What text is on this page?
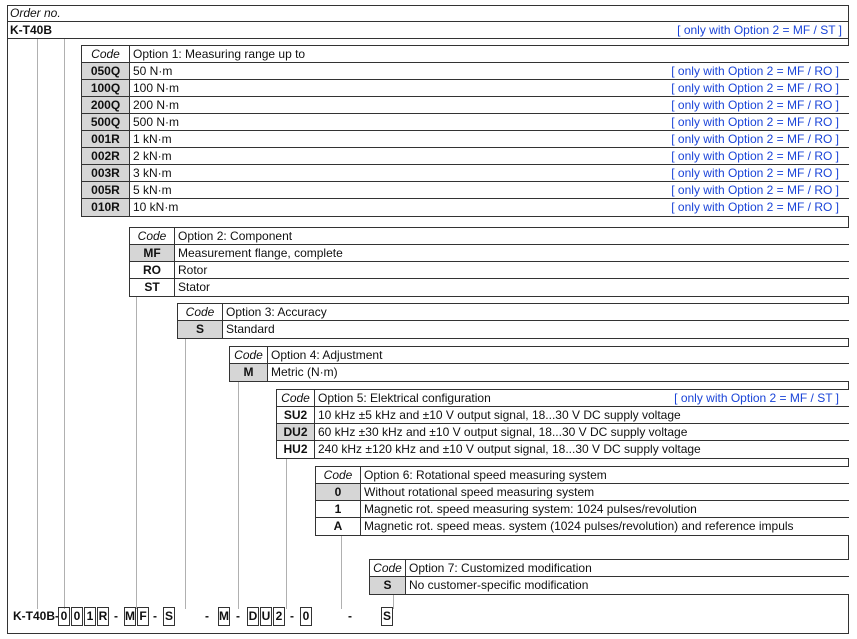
Order no.
K-T40B	[ only with Option 2 = MF / ST ]
Code	Option 1: Measuring range up to
050Q	50 N·m	[ only with Option 2 = MF / RO ]
100Q	100 N·m	[ only with Option 2 = MF / RO ]
200Q	200 N·m	[ only with Option 2 = MF / RO ]
500Q	500 N·m	[ only with Option 2 = MF / RO ]
001R	1 kN·m	[ only with Option 2 = MF / RO ]
002R	2 kN·m	[ only with Option 2 = MF / RO ]
003R	3 kN·m	[ only with Option 2 = MF / RO ]
005R	5 kN·m	[ only with Option 2 = MF / RO ]
010R	10 kN·m	[ only with Option 2 = MF / RO ]
Code Option 2: Component
MF	Measurement flange, complete
RO	Rotor
ST	Stator
Code Option 3: Accuracy
S	Standard
Code Option 4: Adjustment
M	Metric (N·m)
Code Option 5: Elektrical configuration	[ only with Option 2 = MF / ST ]
SU2 10 kHz ±5 kHz and ±10 V output signal, 18...30 V DC supply voltage
DU2 60 kHz ±30 kHz and ±10 V output signal, 18...30 V DC supply voltage
HU2 240 kHz ±120 kHz and ±10 V output signal, 18...30 V DC supply voltage
Code Option 6: Rotational speed measuring system
0	Without rotational speed measuring system
1	Magnetic rot. speed measuring system: 1024 pulses/revolution
A	Magnetic rot. speed meas. system (1024 pulses/revolution) and reference impuls
Code Option 7: Customized modification
S	No customer-specific modification
K-T40B- 0 0 1 R - M F - S	- M - D U 2 - 0	-	S
